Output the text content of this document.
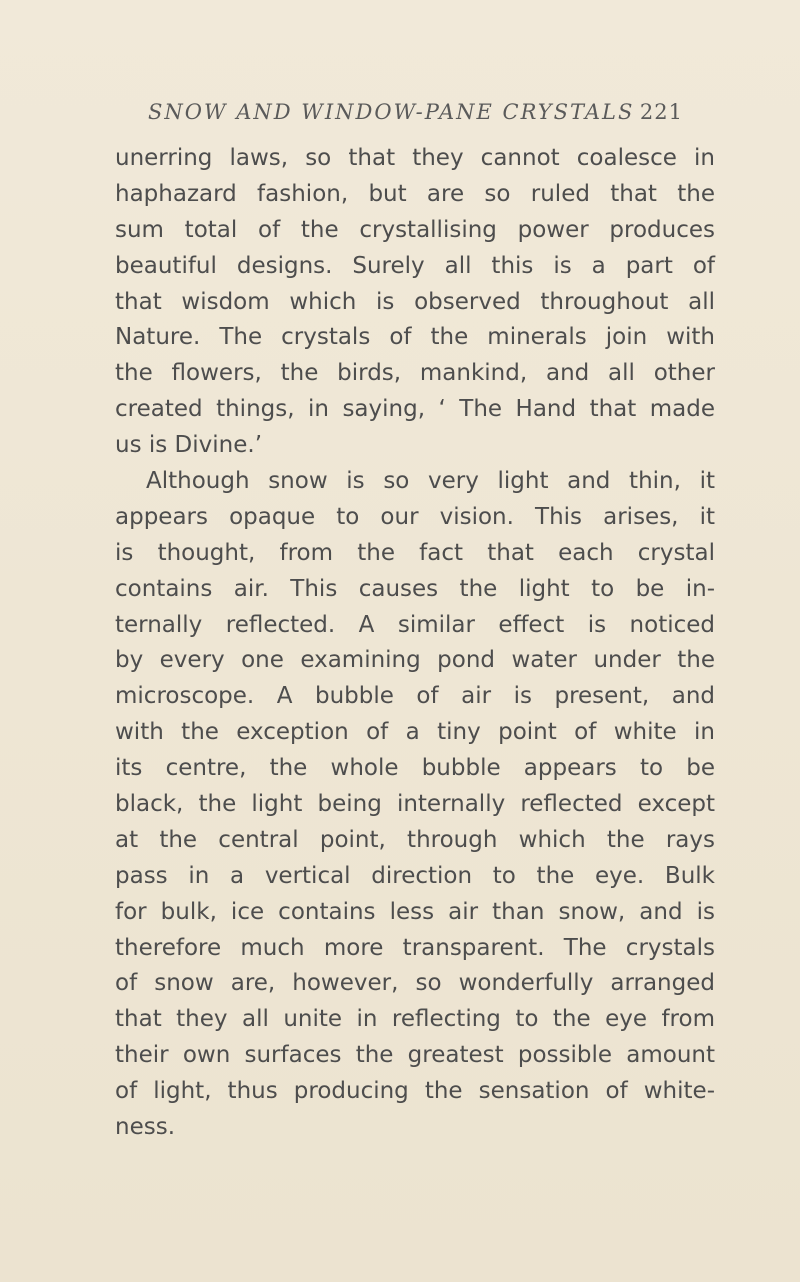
SNOW AND WINDOW-PANE CRYSTALS 221
unerring laws, so that they cannot coalesce in
haphazard fashion, but are so ruled that the
sum total of the crystallising power produces
beautiful designs. Surely all this is a part of
that wisdom which is observed throughout all
Nature. The crystals of the minerals join with
the flowers, the birds, mankind, and all other
created things, in saying, ‘ The Hand that made
us is Divine.’
Although snow is so very light and thin, it
appears opaque to our vision. This arises, it
is thought, from the fact that each crystal
contains air. This causes the light to be in-
ternally reflected. A similar effect is noticed
by every one examining pond water under the
microscope. A bubble of air is present, and
with the exception of a tiny point of white in
its centre, the whole bubble appears to be
black, the light being internally reflected except
at the central point, through which the rays
pass in a vertical direction to the eye. Bulk
for bulk, ice contains less air than snow, and is
therefore much more transparent. The crystals
of snow are, however, so wonderfully arranged
that they all unite in reflecting to the eye from
their own surfaces the greatest possible amount
of light, thus producing the sensation of white-
ness.
